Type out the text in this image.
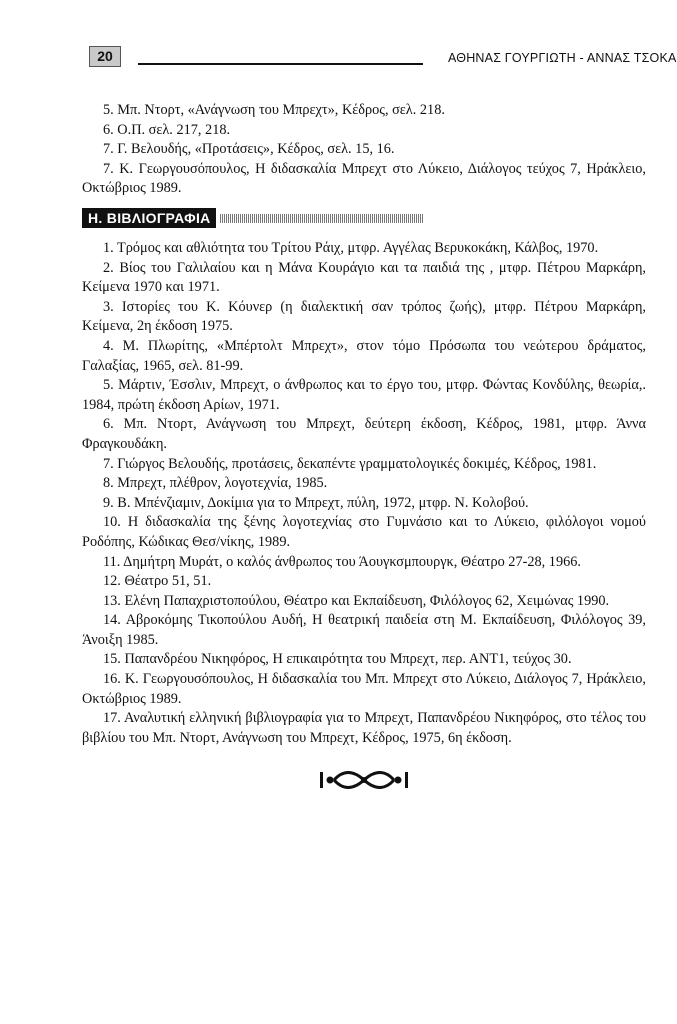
20	ΑΘΗΝΑΣ ΓΟΥΡΓΙΩΤΗ - ΑΝΝΑΣ ΤΣΟΚΑ

5. Μπ. Ντορτ, «Ανάγνωση του Μπρεχτ», Κέδρος, σελ. 218.

6. Ο.Π. σελ. 217, 218.

7. Γ. Βελουδής, «Προτάσεις», Κέδρος, σελ. 15, 16.

7. Κ. Γεωργουσόπουλος, Η διδασκαλία Μπρεχτ στο Λύκειο, Διάλογος τεύχος 7, Ηράκλειο, Οκτώβριος 1989.

Η. ΒΙΒΛΙΟΓΡΑΦΙΑ

1. Τρόμος και αθλιότητα του Τρίτου Ράιχ, μτφρ. Αγγέλας Βερυκοκάκη, Κάλβος, 1970.

2. Βίος του Γαλιλαίου και η Μάνα Κουράγιο και τα παιδιά της , μτφρ. Πέτρου Μαρκάρη, Κείμενα 1970 και 1971.

3. Ιστορίες του Κ. Κόυνερ (η διαλεκτική σαν τρόπος ζωής), μτφρ. Πέτρου Μαρκάρη, Κείμενα, 2η έκδοση 1975.

4. Μ. Πλωρίτης, «Μπέρτολτ Μπρεχτ», στον τόμο Πρόσωπα του νεώτερου δράματος, Γαλαξίας, 1965, σελ. 81-99.

5. Μάρτιν, Έσσλιν, Μπρεχτ, ο άνθρωπος και το έργο του, μτφρ. Φώντας Κονδύλης, θεωρία,. 1984, πρώτη έκδοση Αρίων, 1971.

6. Μπ. Ντορτ, Ανάγνωση του Μπρεχτ, δεύτερη έκδοση, Κέδρος, 1981, μτφρ. Άννα Φραγκουδάκη.

7. Γιώργος Βελουδής, προτάσεις, δεκαπέντε γραμματολογικές δοκιμές, Κέδρος, 1981.

8. Μπρεχτ, πλέθρον, λογοτεχνία, 1985.

9. Β. Μπένζιαμιν, Δοκίμια για το Μπρεχτ, πύλη, 1972, μτφρ. Ν. Κολοβού.

10. Η διδασκαλία της ξένης λογοτεχνίας στο Γυμνάσιο και το Λύκειο, φιλόλογοι νομού Ροδόπης, Κώδικας Θεσ/νίκης, 1989.

11. Δημήτρη Μυράτ, ο καλός άνθρωπος του Άουγκσμπουργκ, Θέατρο 27-28, 1966.

12. Θέατρο 51, 51.

13. Ελένη Παπαχριστοπούλου, Θέατρο και Εκπαίδευση, Φιλόλογος 62, Χειμώνας 1990.

14. Αβροκόμης Τικοπούλου Αυδή, Η θεατρική παιδεία στη Μ. Εκπαίδευση, Φιλόλογος 39, Άνοιξη 1985.

15. Παπανδρέου Νικηφόρος, Η επικαιρότητα του Μπρεχτ, περ. ΑΝΤ1, τεύχος 30.

16. Κ. Γεωργουσόπουλος, Η διδασκαλία του Μπ. Μπρεχτ στο Λύκειο, Διάλογος 7, Ηράκλειο, Οκτώβριος 1989.

17. Αναλυτική ελληνική βιβλιογραφία για το Μπρεχτ, Παπανδρέου Νικηφόρος, στο τέλος του βιβλίου του Μπ. Ντορτ, Ανάγνωση του Μπρεχτ, Κέδρος, 1975, 6η έκδοση.
